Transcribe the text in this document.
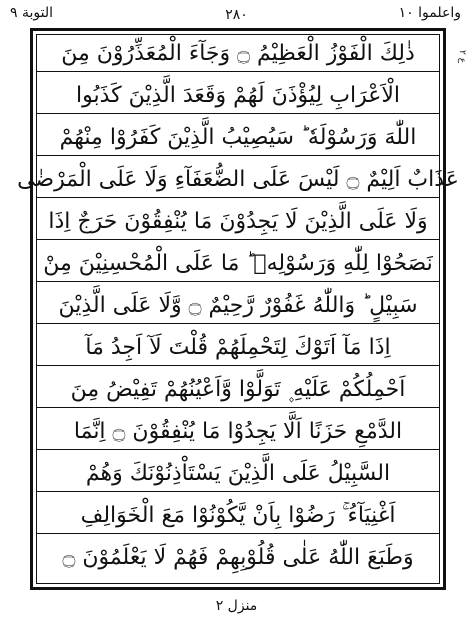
التوبة ٩	٢٨٠	واعلموا ١٠
ع ٢
ذٰلِكَ الْفَوْزُ الْعَظِيْمُ ۝ وَجَآءَ الْمُعَذِّرُوْنَ مِنَ
الْاَعْرَابِ لِيُؤْذَنَ لَهُمْ وَقَعَدَ الَّذِيْنَ كَذَبُوا
اللّٰهَ وَرَسُوْلَهٗ ؕ سَيُصِيْبُ الَّذِيْنَ كَفَرُوْا مِنْهُمْ
عَذَابٌ اَلِيْمٌ ۝ لَيْسَ عَلَى الضُّعَفَآءِ وَلَا عَلَى الْمَرْضٰى
وَلَا عَلَى الَّذِيْنَ لَا يَجِدُوْنَ مَا يُنْفِقُوْنَ حَرَجٌ اِذَا
نَصَحُوْا لِلّٰهِ وَرَسُوْلِهٖ ؕ مَا عَلَى الْمُحْسِنِيْنَ مِنْ
سَبِيْلٍ ؕ وَاللّٰهُ غَفُوْرٌ رَّحِيْمٌ ۝ وَّلَا عَلَى الَّذِيْنَ
اِذَا مَآ اَتَوْكَ لِتَحْمِلَهُمْ قُلْتَ لَآ اَجِدُ مَآ
اَحْمِلُكُمْ عَلَيْهِ ۪ تَوَلَّوْا وَّاَعْيُنُهُمْ تَفِيْضُ مِنَ
الدَّمْعِ حَزَنًا اَلَّا يَجِدُوْا مَا يُنْفِقُوْنَ ۝ اِنَّمَا
السَّبِيْلُ عَلَى الَّذِيْنَ يَسْتَاْذِنُوْنَكَ وَهُمْ
اَغْنِيَآءُ ۚ رَضُوْا بِاَنْ يَّكُوْنُوْا مَعَ الْخَوَالِفِ
وَطَبَعَ اللّٰهُ عَلٰى قُلُوْبِهِمْ فَهُمْ لَا يَعْلَمُوْنَ ۝
منزل ٢
